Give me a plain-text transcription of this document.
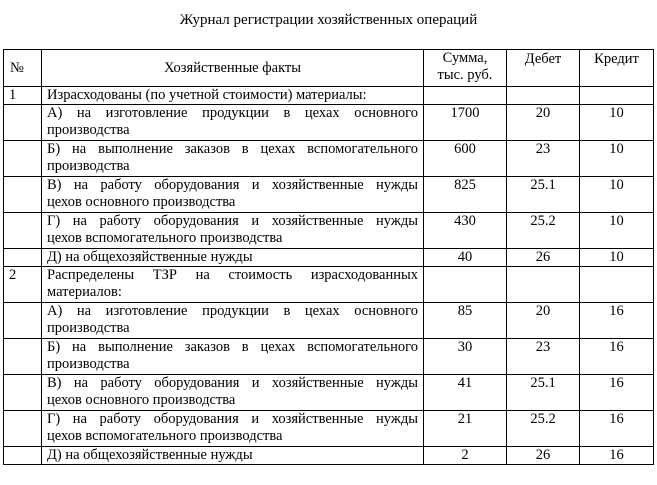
Журнал регистрации хозяйственных операций
№	Хозяйственные факты	Сумма,
тыс. руб.	Дебет	Кредит
1	Израсходованы (по учетной стоимости) материалы:			

	А) на изготовление продукции в цехах основного
производства	1700	20	10

	Б) на выполнение заказов в цехах вспомогательного
производства	600	23	10

	В) на работу оборудования и хозяйственные нужды
цехов основного производства	825	25.1	10

	Г) на работу оборудования и хозяйственные нужды
цехов вспомогательного производства	430	25.2	10
	Д) на общехозяйственные нужды	40	26	10
2	Распределены ТЗР на стоимость израсходованных
материалов:			

	А) на изготовление продукции в цехах основного
производства	85	20	16

	Б) на выполнение заказов в цехах вспомогательного
производства	30	23	16

	В) на работу оборудования и хозяйственные нужды
цехов основного производства	41	25.1	16

	Г) на работу оборудования и хозяйственные нужды
цехов вспомогательного производства	21	25.2	16
	Д) на общехозяйственные нужды	2	26	16
